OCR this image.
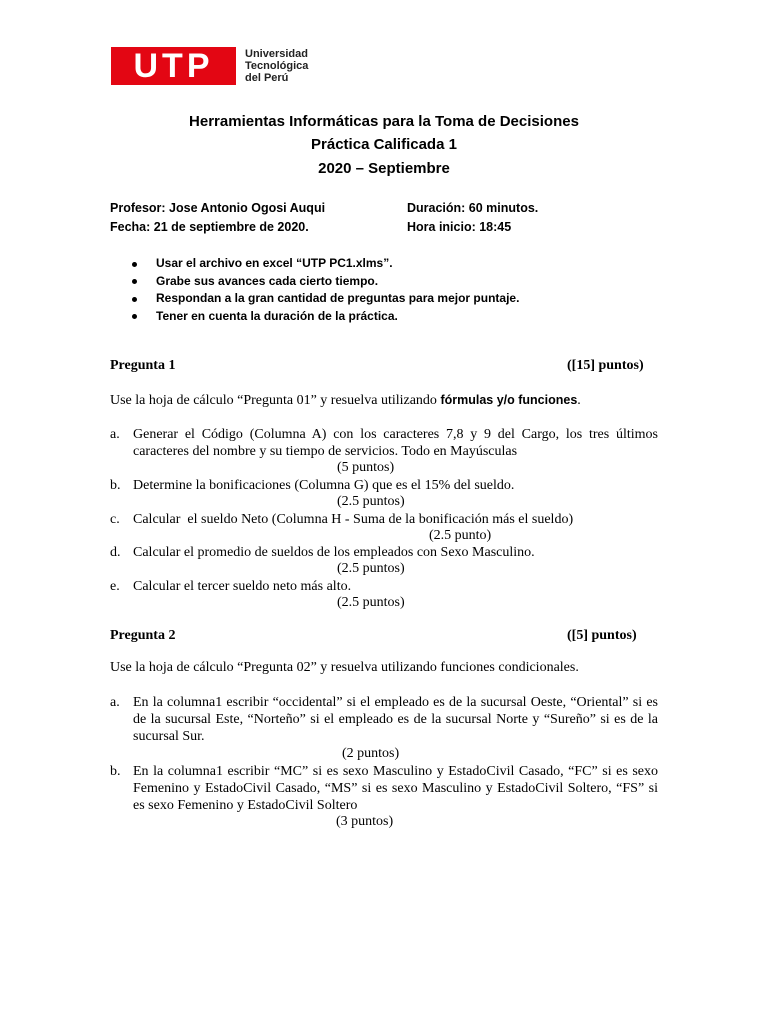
UTP	Universidad
Tecnológica
del Perú
Herramientas Informáticas para la Toma de Decisiones
Práctica Calificada 1
2020 – Septiembre
Profesor: Jose Antonio Ogosi Auqui
Fecha: 21 de septiembre de 2020.
Duración: 60 minutos.
Hora inicio: 18:45
Usar el archivo en excel “UTP PC1.xlms”.
Grabe sus avances cada cierto tiempo.
Respondan a la gran cantidad de preguntas para mejor puntaje.
Tener en cuenta la duración de la práctica.
Pregunta 1	([15] puntos)
Use la hoja de cálculo “Pregunta 01” y resuelva utilizando fórmulas y/o funciones.
a. Generar el Código (Columna A) con los caracteres 7,8 y 9 del Cargo, los tres últimos caracteres del nombre y su tiempo de servicios. Todo en Mayúsculas
(5 puntos)
b. Determine la bonificaciones (Columna G) que es el 15% del sueldo.
(2.5 puntos)
c. Calcular  el sueldo Neto (Columna H - Suma de la bonificación más el sueldo)
(2.5 punto)
d. Calcular el promedio de sueldos de los empleados con Sexo Masculino.
(2.5 puntos)
e. Calcular el tercer sueldo neto más alto.
(2.5 puntos)
Pregunta 2	([5] puntos)
Use la hoja de cálculo “Pregunta 02” y resuelva utilizando funciones condicionales.
a. En la columna1 escribir “occidental” si el empleado es de la sucursal Oeste, “Oriental” si es de la sucursal Este, “Norteño” si el empleado es de la sucursal Norte y “Sureño” si es de la sucursal Sur.
(2 puntos)
b. En la columna1 escribir “MC” si es sexo Masculino y EstadoCivil Casado, “FC” si es sexo Femenino y EstadoCivil Casado, “MS” si es sexo Masculino y EstadoCivil Soltero, “FS” si es sexo Femenino y EstadoCivil Soltero
(3 puntos)
